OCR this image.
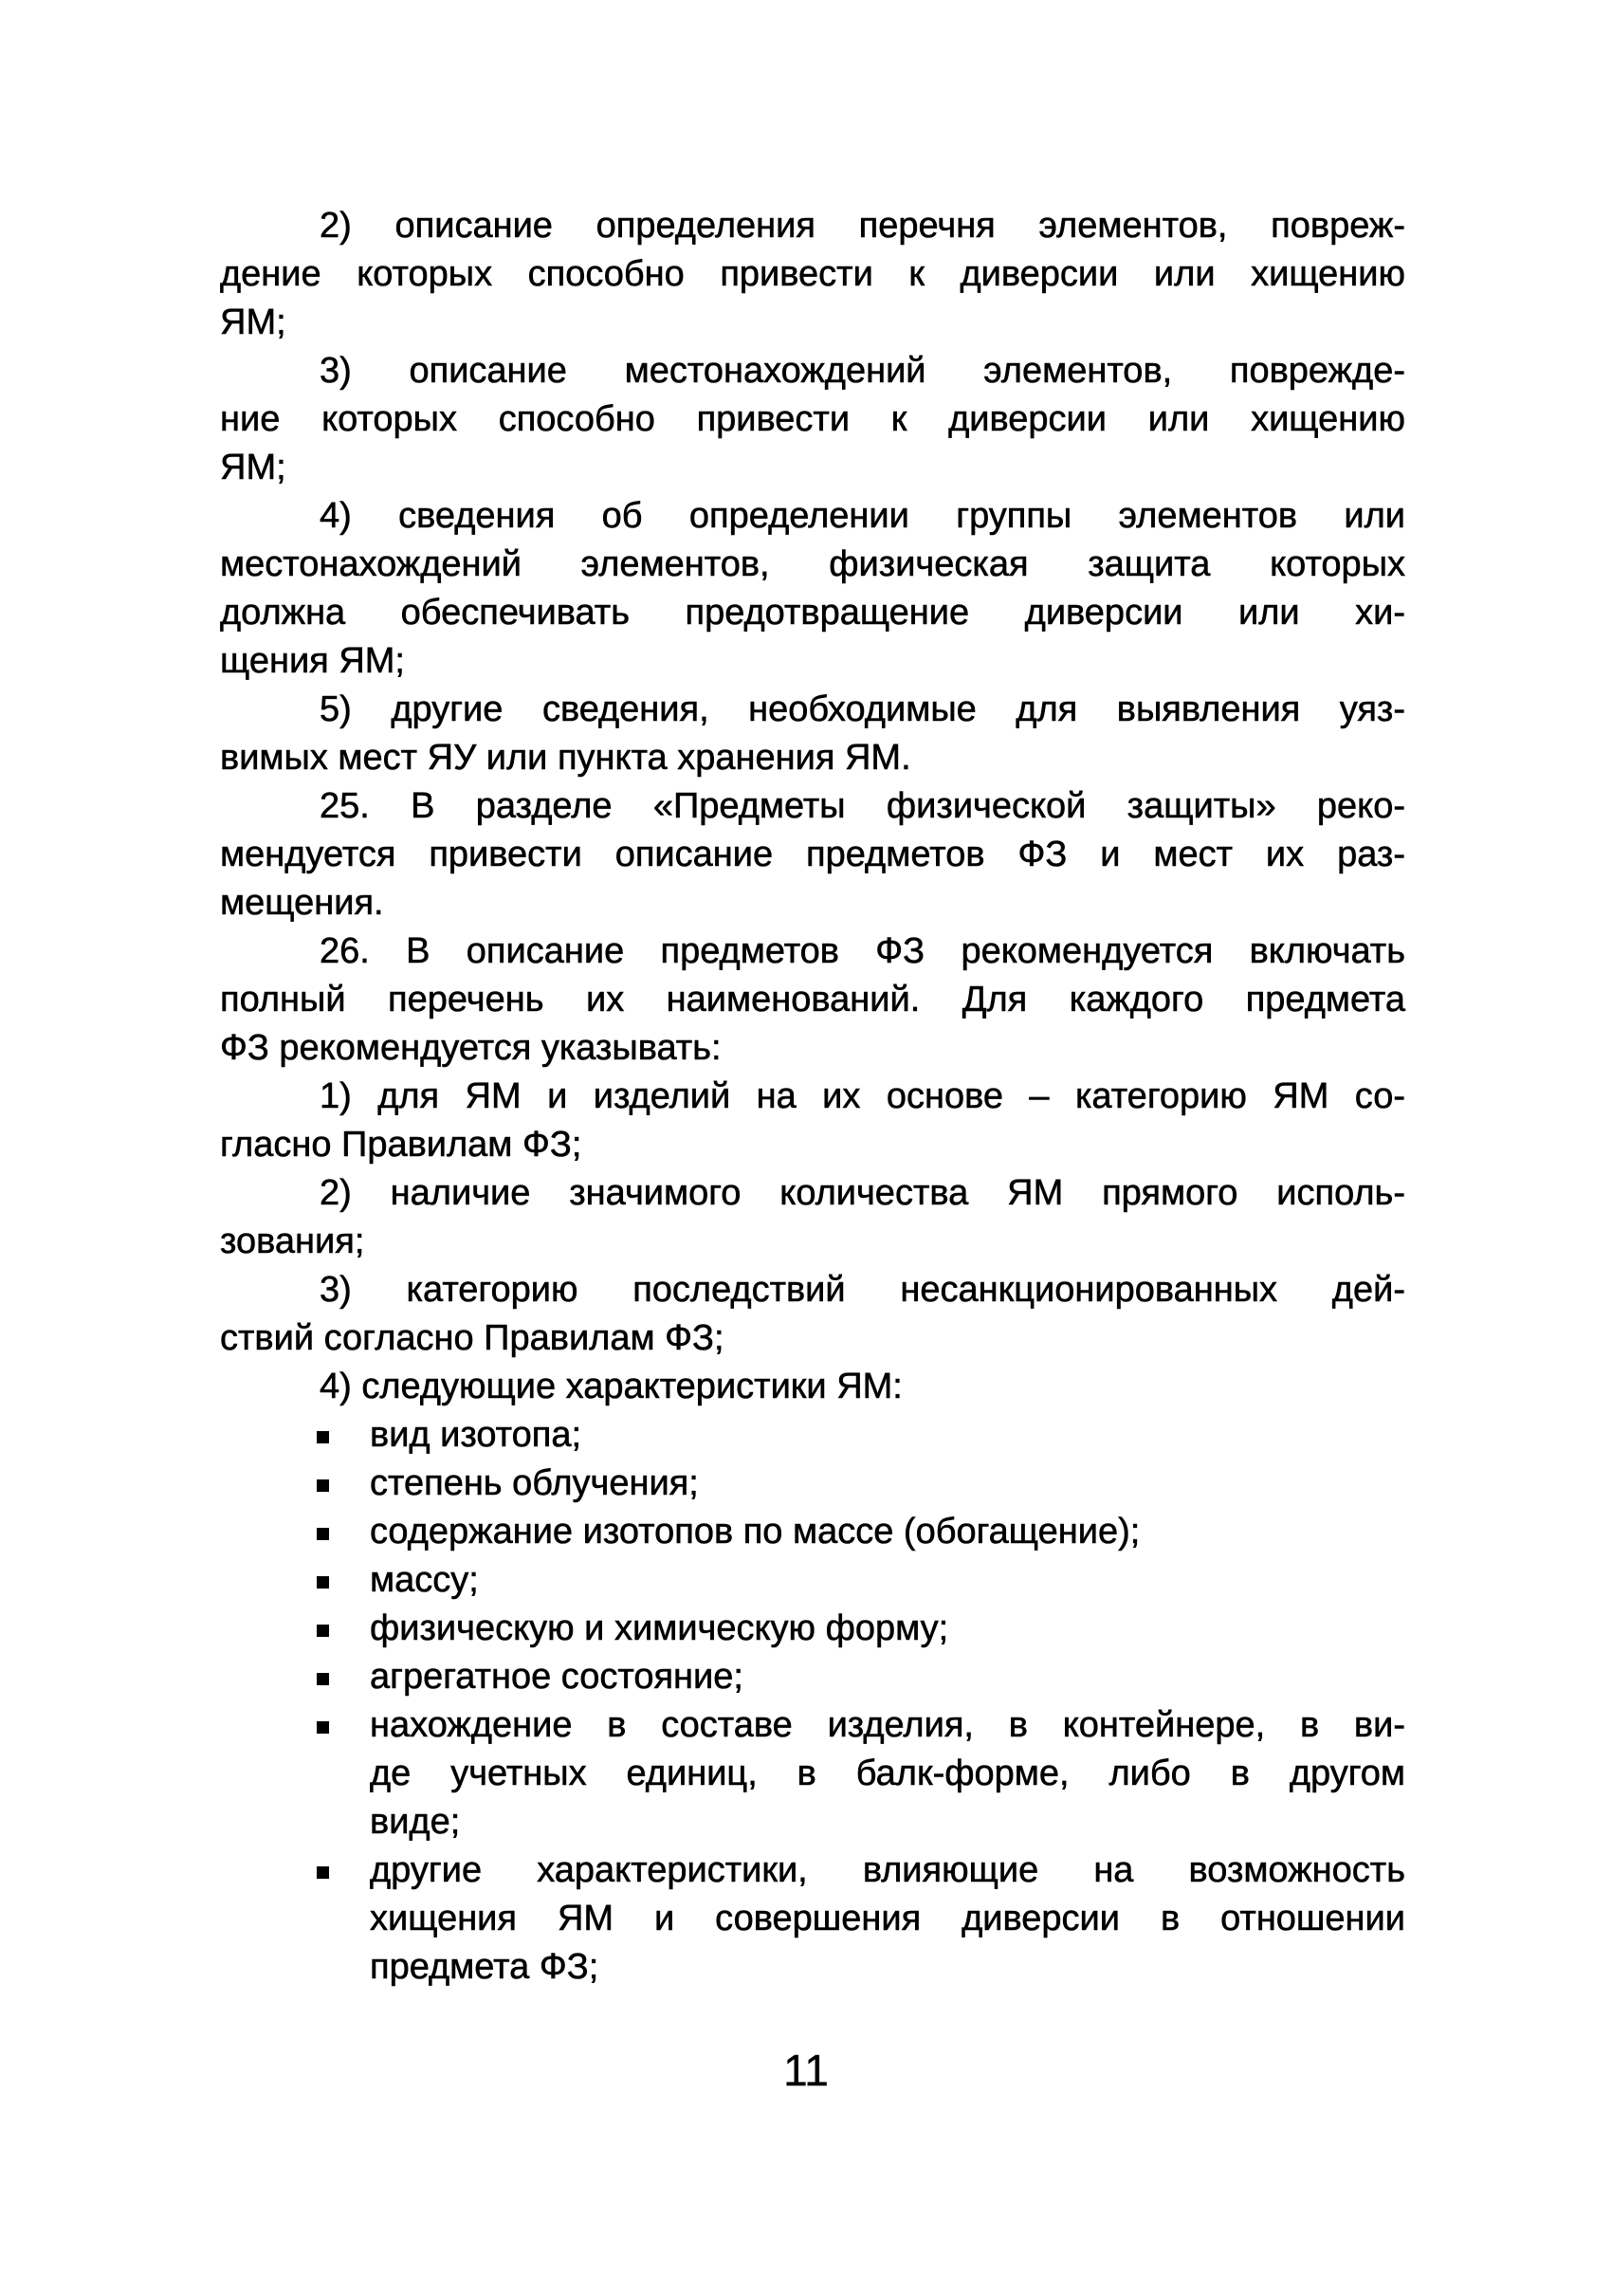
2) описание определения перечня элементов, повреж-
дение которых способно привести к диверсии или хищению
ЯМ;
3) описание местонахождений элементов, поврежде-
ние которых способно привести к диверсии или хищению
ЯМ;
4) сведения об определении группы элементов или
местонахождений элементов, физическая защита которых
должна обеспечивать предотвращение диверсии или хи-
щения ЯМ;
5) другие сведения, необходимые для выявления уяз-
вимых мест ЯУ или пункта хранения ЯМ.
25. В разделе «Предметы физической защиты» реко-
мендуется привести описание предметов ФЗ и мест их раз-
мещения.
26. В описание предметов ФЗ рекомендуется включать
полный перечень их наименований. Для каждого предмета
ФЗ рекомендуется указывать:
1) для ЯМ и изделий на их основе – категорию ЯМ со-
гласно Правилам ФЗ;
2) наличие значимого количества ЯМ прямого исполь-
зования;
3) категорию последствий несанкционированных дей-
ствий согласно Правилам ФЗ;
4) следующие характеристики ЯМ:
вид изотопа;
степень облучения;
содержание изотопов по массе (обогащение);
массу;
физическую и химическую форму;
агрегатное состояние;
нахождение в составе изделия, в контейнере, в ви-
де учетных единиц, в балк-форме, либо в другом
виде;
другие характеристики, влияющие на возможность
хищения ЯМ и совершения диверсии в отношении
предмета ФЗ;
11
